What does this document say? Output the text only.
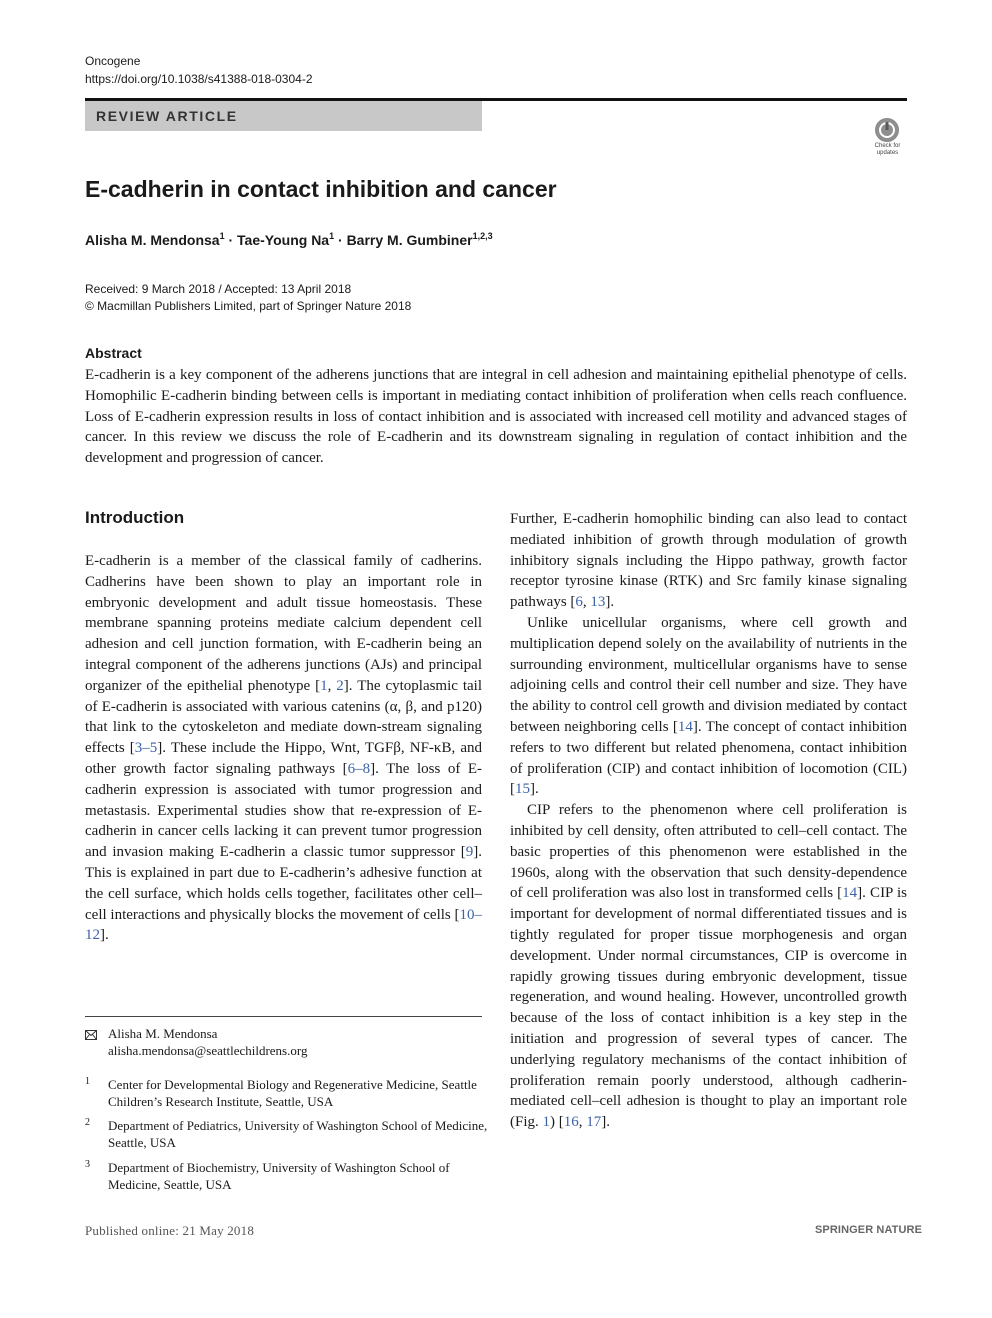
Oncogene
https://doi.org/10.1038/s41388-018-0304-2
REVIEW ARTICLE
Check for
updates
E-cadherin in contact inhibition and cancer
Alisha M. Mendonsa$^1$ · Tae-Young $Na^1$ · Barry M. Gumbiner$^{1,2,3}$
Received: 9 March 2018 / Accepted: 13 April 2018
© Macmillan Publishers Limited, part of Springer Nature 2018
Abstract

E-cadherin is a key component of the adherens junctions that are integral in cell adhesion and maintaining epithelial phenotype of cells. Homophilic E-cadherin binding between cells is important in mediating contact inhibition of proliferation when cells reach confluence. Loss of E-cadherin expression results in loss of contact inhibition and is associated with increased cell motility and advanced stages of cancer. In this review we discuss the role of E-cadherin and its downstream signaling in regulation of contact inhibition and the development and progression of cancer.

Introduction

E-cadherin is a member of the classical family of cadherins. Cadherins have been shown to play an important role in embryonic development and adult tissue homeostasis. These membrane spanning proteins mediate calcium dependent cell adhesion and cell junction formation, with E-cadherin being an integral component of the adherens junctions (AJs) and principal organizer of the epithelial phenotype [1, 2]. The cytoplasmic tail of E-cadherin is associated with various catenins (α, β, and p120) that link to the cytoskeleton and mediate down-stream signaling effects [3–5]. These include the Hippo, Wnt, TGFβ, NF-κB, and other growth factor signaling pathways [6–8]. The loss of E-cadherin expression is associated with tumor progression and metastasis. Experimental studies show that re-expression of E-cadherin in cancer cells lacking it can prevent tumor progression and invasion making E-cadherin a classic tumor suppressor [9]. This is explained in part due to E-cadherin’s adhesive function at the cell surface, which holds cells together, facilitates other cell–cell interactions and physically blocks the movement of cells [10–12].

Further, E-cadherin homophilic binding can also lead to contact mediated inhibition of growth through modulation of growth inhibitory signals including the Hippo pathway, growth factor receptor tyrosine kinase (RTK) and Src family kinase signaling pathways [6, 13].

Unlike unicellular organisms, where cell growth and multiplication depend solely on the availability of nutrients in the surrounding environment, multicellular organisms have to sense adjoining cells and control their cell number and size. They have the ability to control cell growth and division mediated by contact between neighboring cells [14]. The concept of contact inhibition refers to two different but related phenomena, contact inhibition of proliferation (CIP) and contact inhibition of locomotion (CIL) [15].

CIP refers to the phenomenon where cell proliferation is inhibited by cell density, often attributed to cell–cell contact. The basic properties of this phenomenon were established in the 1960s, along with the observation that such density-dependence of cell proliferation was also lost in transformed cells [14]. CIP is important for development of normal differentiated tissues and is tightly regulated for proper tissue morphogenesis and organ development. Under normal circumstances, CIP is overcome in rapidly growing tissues during embryonic development, tissue regeneration, and wound healing. However, uncontrolled growth because of the loss of contact inhibition is a key step in the initiation and progression of several types of cancer. The underlying regulatory mechanisms of the contact inhibition of proliferation remain poorly understood, although cadherin-mediated cell–cell adhesion is thought to play an important role (Fig. 1) [16, 17].

Alisha M. Mendonsa
alisha.mendonsa@seattlechildrens.org
1 Center for Developmental Biology and Regenerative Medicine, Seattle Children’s Research Institute, Seattle, USA
2 Department of Pediatrics, University of Washington School of Medicine, Seattle, USA
3 Department of Biochemistry, University of Washington School of Medicine, Seattle, USA
Published online: 21 May 2018	SPRINGER NATURE
